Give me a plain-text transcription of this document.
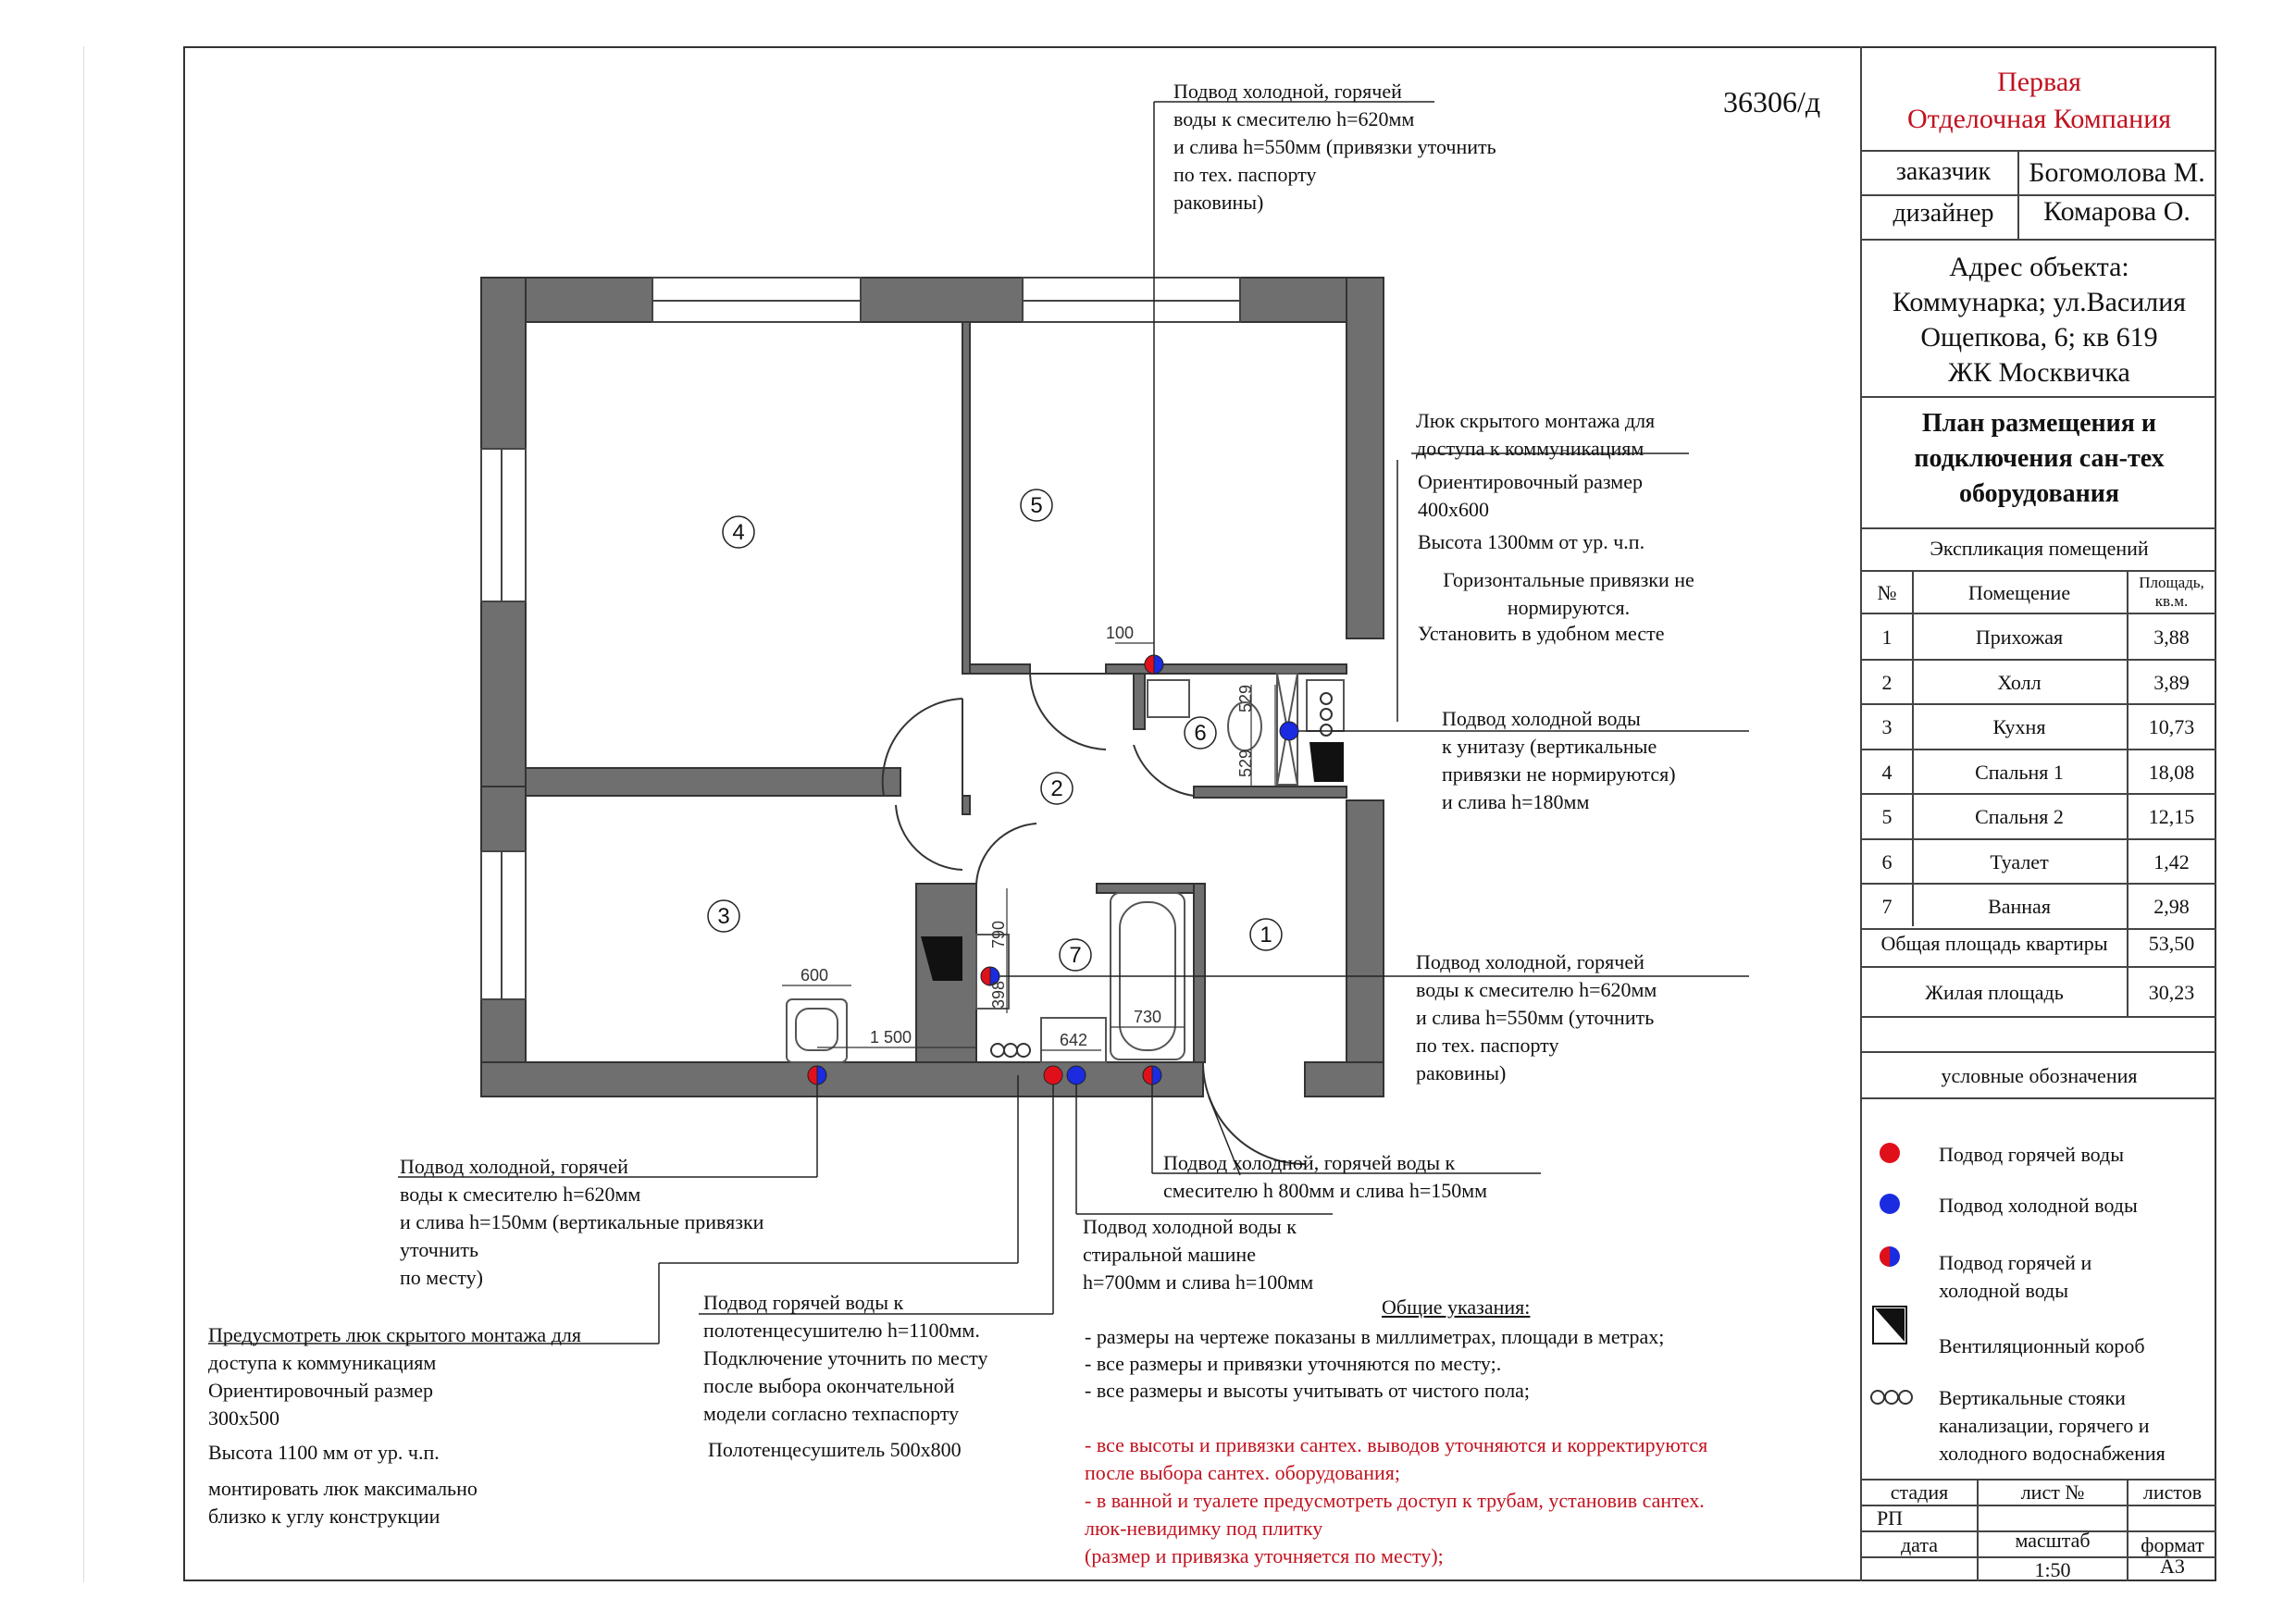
36306/д
100
529
529
600
1 500	642
730
790
398
1
2
3
4
5
6
7
Подвод холодной, горячей
воды к смесителю h=620мм
и слива h=550мм (привязки уточнить
по тех. паспорту
раковины)
Люк скрытого монтажа для
доступа к коммуникациям
Ориентировочный размер
400х600
Высота 1300мм от ур. ч.п.
Горизонтальные привязки не
нормируются.
Установить в удобном месте
Подвод холодной воды
к унитазу (вертикальные
привязки не нормируются)
и слива h=180мм
Подвод холодной, горячей
воды к смесителю h=620мм
и слива h=550мм (уточнить
по тех. паспорту
раковины)
Подвод холодной, горячей
воды к смесителю h=620мм
и слива h=150мм (вертикальные привязки
уточнить
по месту)
Подвод холодной, горячей воды к
смесителю h 800мм и слива h=150мм
Подвод холодной воды к
стиральной машине
h=700мм и слива h=100мм
Подвод горячей воды к
полотенцесушителю h=1100мм.
Подключение уточнить по месту
после выбора окончательной
модели согласно техпаспорту
Полотенцесушитель 500х800
Предусмотреть люк скрытого монтажа для
доступа к коммуникациям
Ориентировочный размер
300х500
Высота 1100 мм от ур. ч.п.
монтировать люк максимально
близко к углу конструкции
Общие указания:
- размеры на чертеже показаны в миллиметрах, площади в метрах;
- все размеры и привязки уточняются по месту;.
- все размеры и высоты учитывать от чистого пола;
- все высоты и привязки сантех. выводов уточняются и корректируются
после выбора сантех. оборудования;
- в ванной и туалете предусмотреть доступ к трубам, установив сантех.
люк-невидимку под плитку
(размер и привязка уточняется по месту);
Первая
Отделочная Компания
заказчик	Богомолова М.
дизайнер	Комарова О.
Адрес объекта:
Коммунарка; ул.Василия
Ощепкова, 6; кв 619
ЖК Москвичка
План размещения и
подключения сан-тех
оборудования
Экспликация помещений
№	Помещение	Площадь, кв.м.
1	Прихожая	3,88
2	Холл	3,89
3	Кухня	10,73
4	Спальня 1	18,08
5	Спальня 2	12,15
6	Туалет	1,42
7	Ванная	2,98
Общая площадь квартиры	53,50
Жилая площадь	30,23
условные обозначения
Подвод горячей воды
Подвод холодной воды
Подвод горячей и
холодной воды
Вентиляционный короб
Вертикальные стояки
канализации, горячего и
холодного водоснабжения
стадия	лист №	листов
РП
дата	масштаб	формат
1:50	А3
